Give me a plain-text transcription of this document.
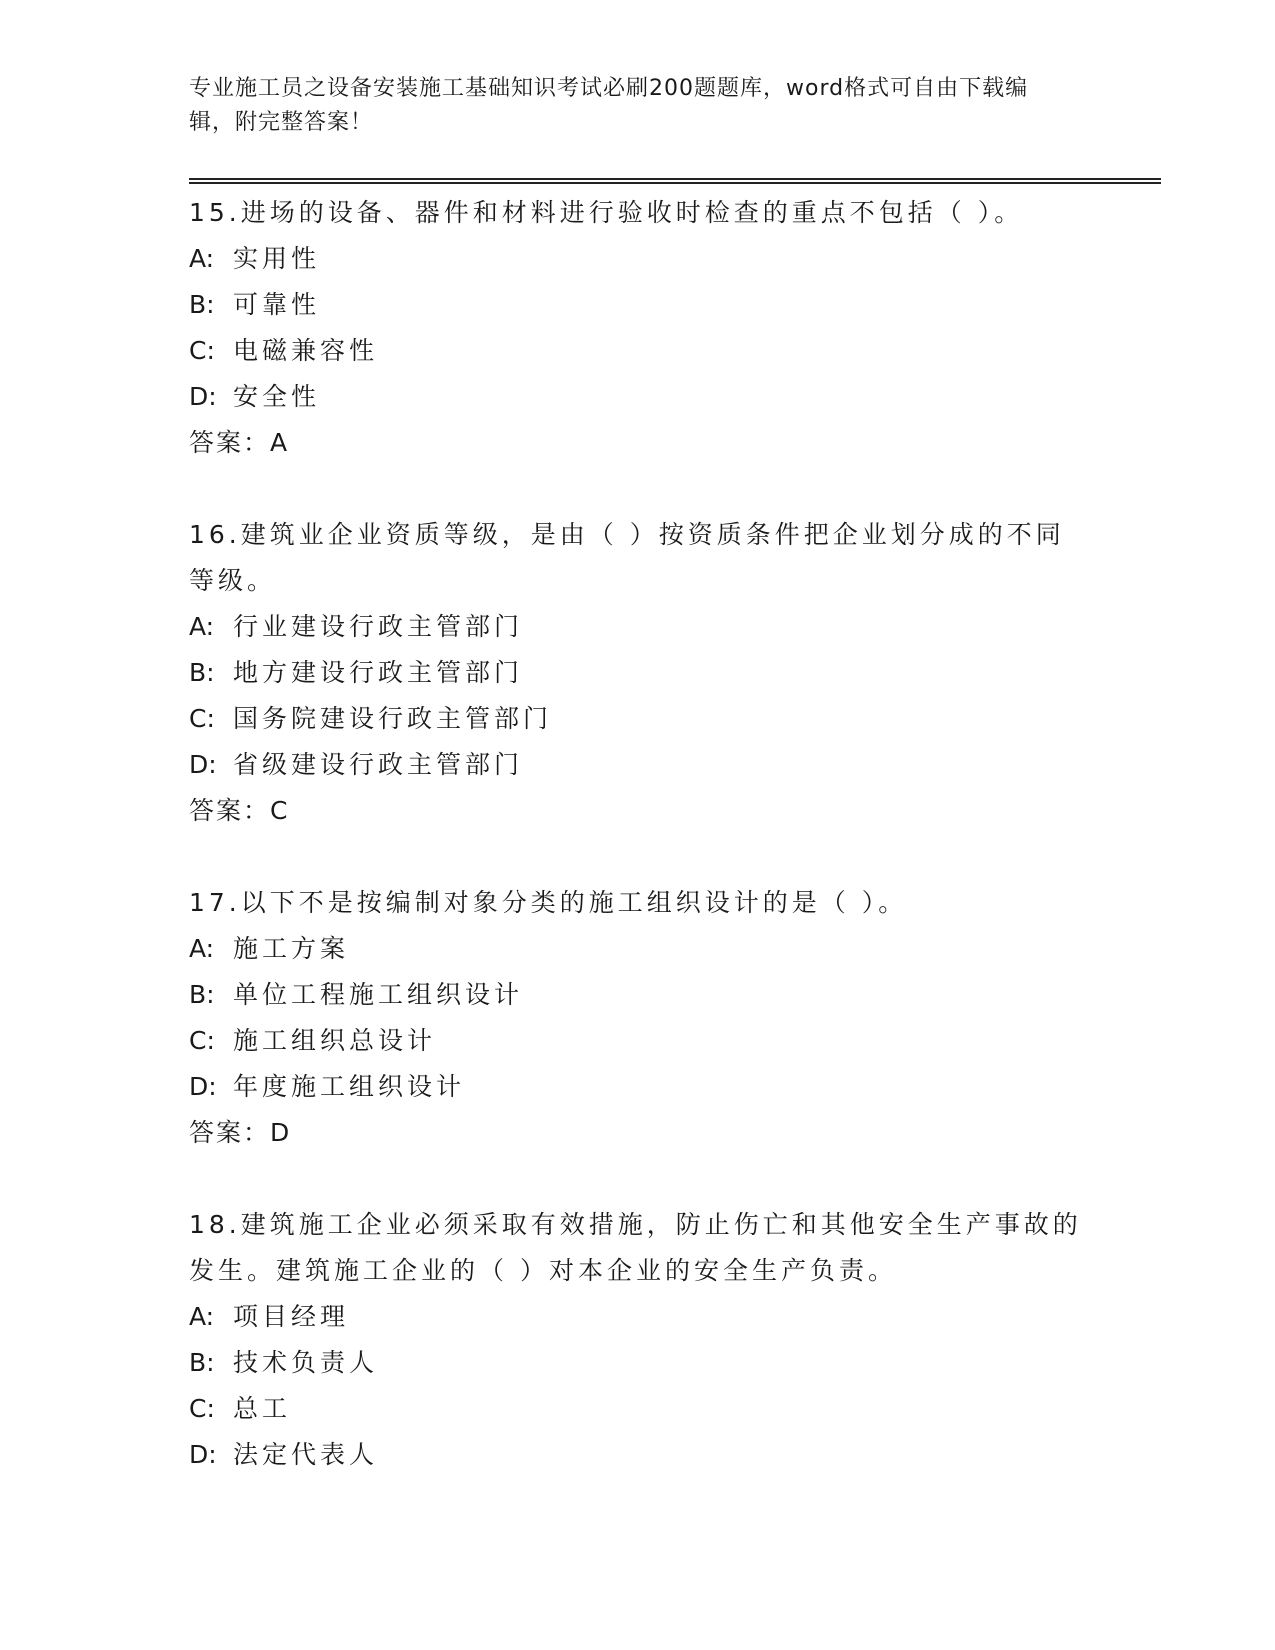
专业施工员之设备安装施工基础知识考试必刷200题题库，word格式可自由下载编辑，附完整答案！
15.进场的设备、器件和材料进行验收时检查的重点不包括（ ）。
A: 实用性
B: 可靠性
C: 电磁兼容性
D: 安全性
答案：A
16.建筑业企业资质等级，是由（ ）按资质条件把企业划分成的不同等级。
A: 行业建设行政主管部门
B: 地方建设行政主管部门
C: 国务院建设行政主管部门
D: 省级建设行政主管部门
答案：C
17.以下不是按编制对象分类的施工组织设计的是（ ）。
A: 施工方案
B: 单位工程施工组织设计
C: 施工组织总设计
D: 年度施工组织设计
答案：D
18.建筑施工企业必须采取有效措施，防止伤亡和其他安全生产事故的发生。建筑施工企业的（ ）对本企业的安全生产负责。
A: 项目经理
B: 技术负责人
C: 总工
D: 法定代表人
